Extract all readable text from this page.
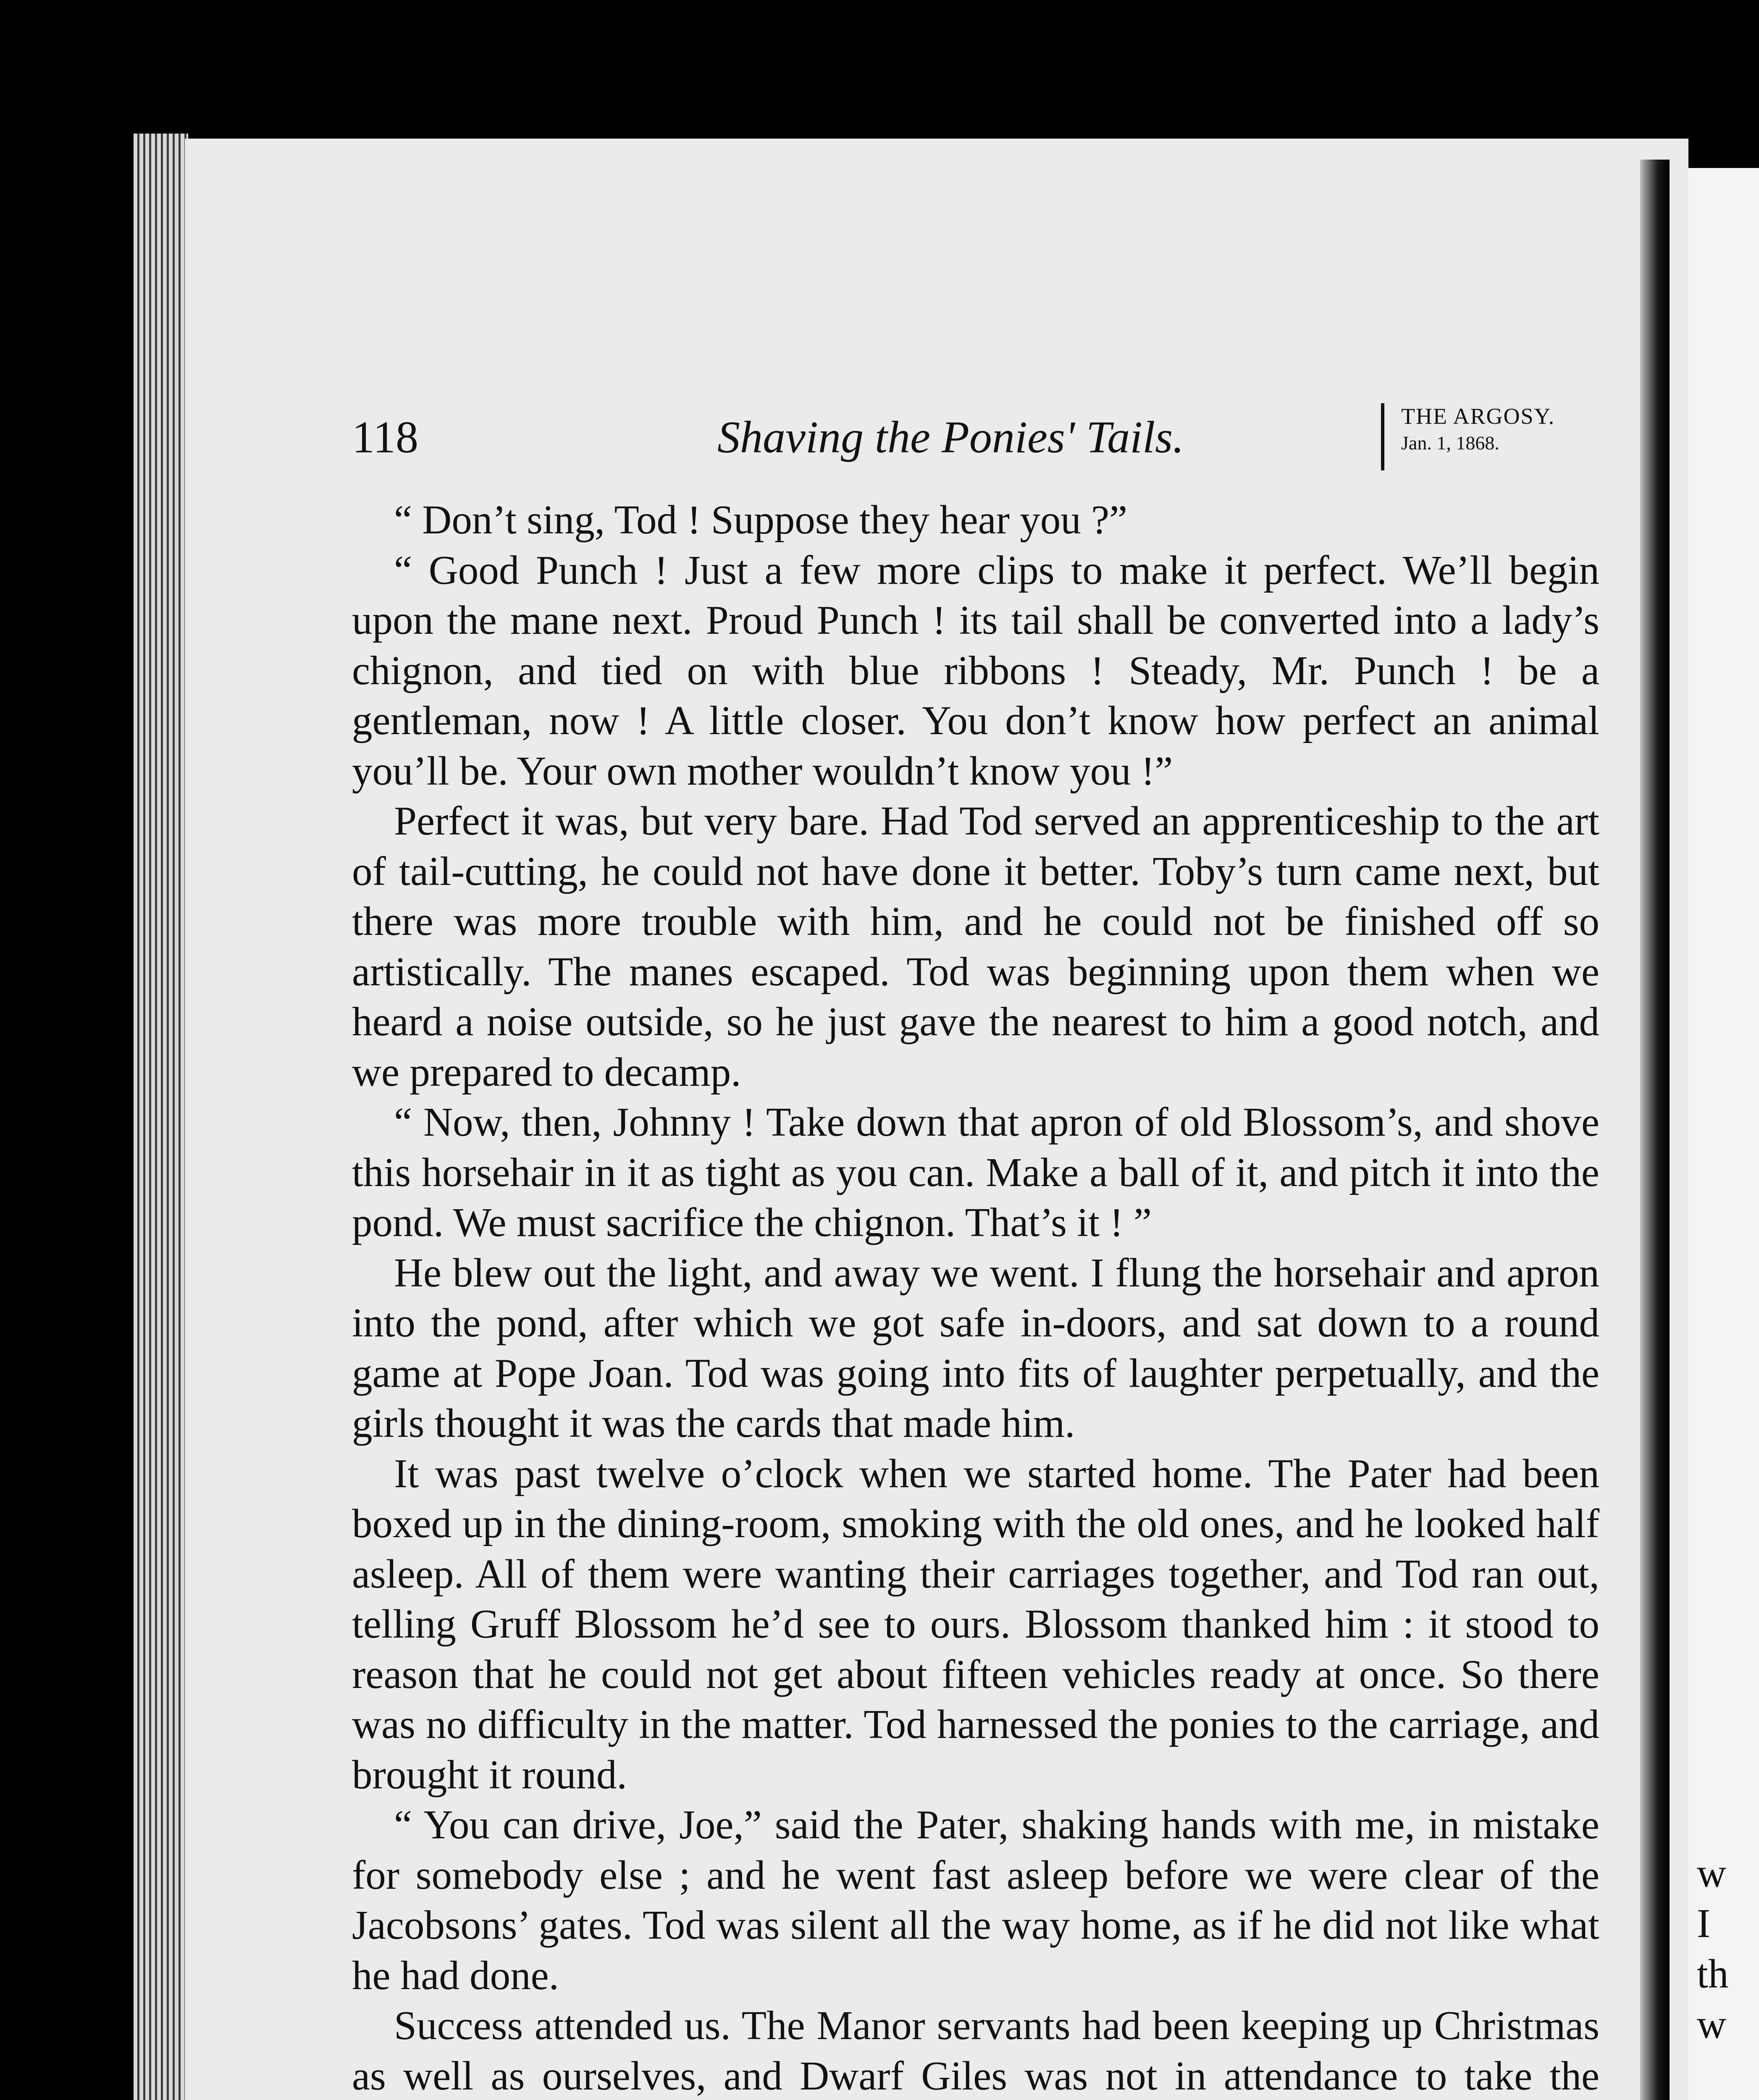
118	Shaving the Ponies' Tails.	THE ARGOSY.
Jan. 1, 1868.

“ Don’t sing, Tod ! Suppose they hear you ?”

“ Good Punch ! Just a few more clips to make it perfect. We’ll begin upon the mane next. Proud Punch ! its tail shall be converted into a lady’s chignon, and tied on with blue ribbons ! Steady, Mr. Punch ! be a gentleman, now ! A little closer. You don’t know how perfect an animal you’ll be. Your own mother wouldn’t know you !”

Perfect it was, but very bare. Had Tod served an apprenticeship to the art of tail-cutting, he could not have done it better. Toby’s turn came next, but there was more trouble with him, and he could not be finished off so artistically. The manes escaped. Tod was beginning upon them when we heard a noise outside, so he just gave the nearest to him a good notch, and we prepared to decamp.

“ Now, then, Johnny ! Take down that apron of old Blossom’s, and shove this horsehair in it as tight as you can. Make a ball of it, and pitch it into the pond. We must sacrifice the chignon. That’s it ! ”

He blew out the light, and away we went. I flung the horsehair and apron into the pond, after which we got safe in-doors, and sat down to a round game at Pope Joan. Tod was going into fits of laughter perpetually, and the girls thought it was the cards that made him.

It was past twelve o’clock when we started home. The Pater had been boxed up in the dining-room, smoking with the old ones, and he looked half asleep. All of them were wanting their carriages together, and Tod ran out, telling Gruff Blossom he’d see to ours. Blossom thanked him : it stood to reason that he could not get about fifteen vehicles ready at once. So there was no difficulty in the matter. Tod harnessed the ponies to the carriage, and brought it round.

“ You can drive, Joe,” said the Pater, shaking hands with me, in mistake for somebody else ; and he went fast asleep before we were clear of the Jacobsons’ gates. Tod was silent all the way home, as if he did not like what he had done.

Success attended us. The Manor servants had been keeping up Christmas as well as ourselves, and Dwarf Giles was not in attendance to take the

w
I
th
w
